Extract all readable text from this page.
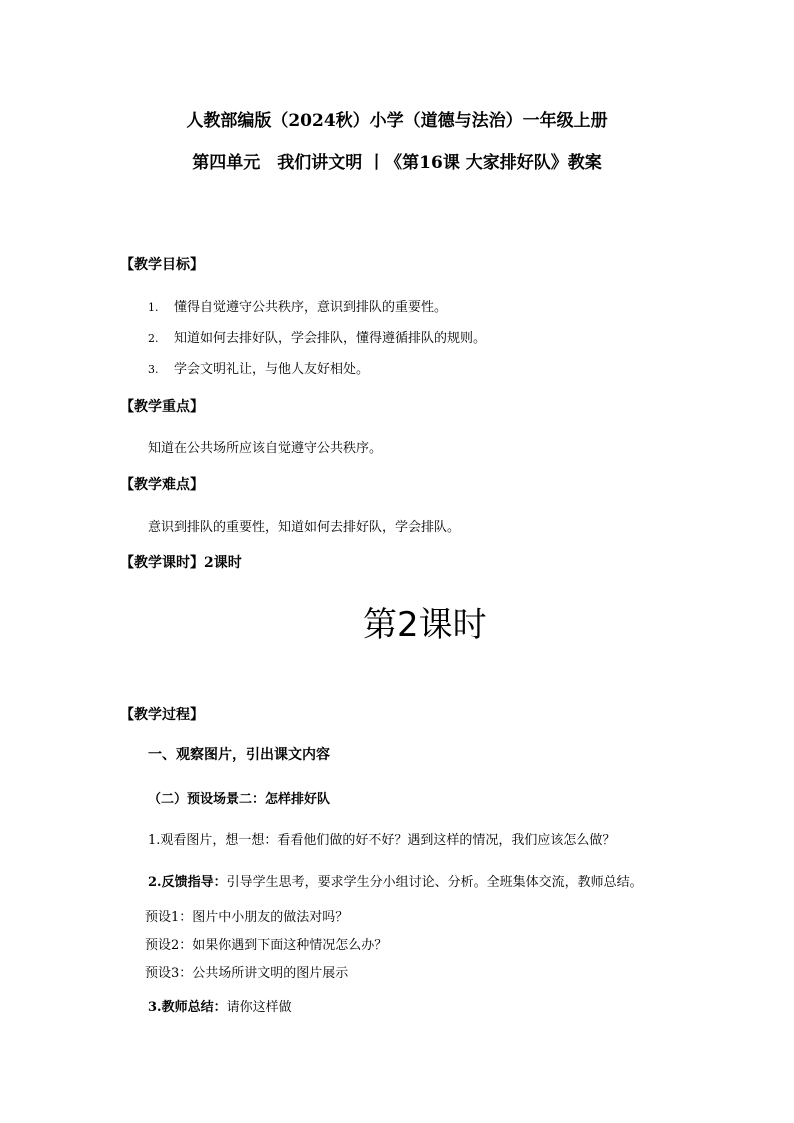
人教部编版（2024秋）小学（道德与法治）一年级上册
第四单元　我们讲文明 丨《第16课 大家排好队》教案
【教学目标】
1. 懂得自觉遵守公共秩序，意识到排队的重要性。
2. 知道如何去排好队，学会排队，懂得遵循排队的规则。
3. 学会文明礼让，与他人友好相处。
【教学重点】
知道在公共场所应该自觉遵守公共秩序。
【教学难点】
意识到排队的重要性，知道如何去排好队，学会排队。
【教学课时】2课时
第2课时
【教学过程】
一、观察图片，引出课文内容
（二）预设场景二：怎样排好队
1.观看图片，想一想：看看他们做的好不好？遇到这样的情况，我们应该怎么做？
2.反馈指导：引导学生思考，要求学生分小组讨论、分析。全班集体交流，教师总结。
预设1：图片中小朋友的做法对吗？
预设2：如果你遇到下面这种情况怎么办？
预设3：公共场所讲文明的图片展示
3.教师总结：请你这样做
